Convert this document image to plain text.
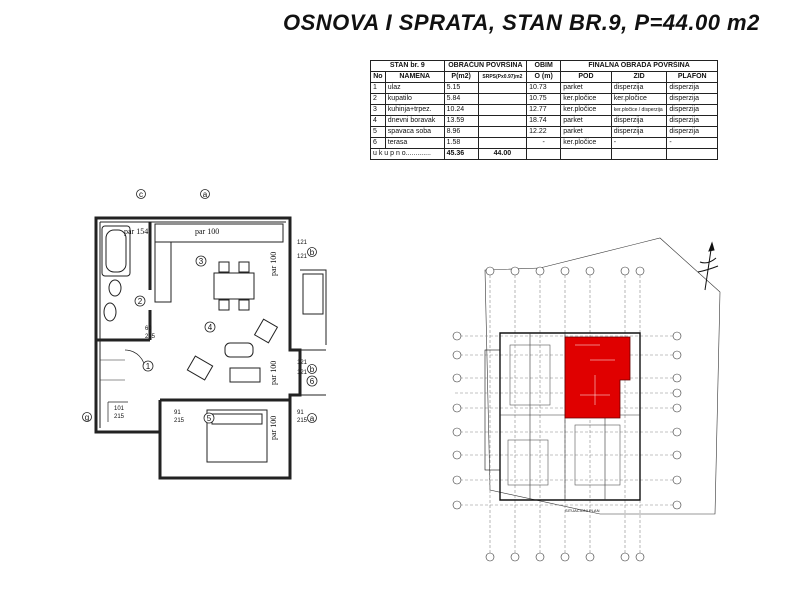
OSNOVA I SPRATA, STAN BR.9, P=44.00 m2
STAN br. 9		OBRAČUN POVRŠINA		OBIM	FINALNA OBRADA POVRŠINA		
No	NAMENA	P(m2)	SRPS(Px0.97)m2	O (m)	POD	ZID	PLAFON
1	ulaz	5.15		10.73	parket	disperzija	disperzija
2	kupatilo	5.84		10.75	ker.pločice	ker.pločice	disperzija
3	kuhinja+trpez.	10.24		12.77	ker.pločice	ker.pločice / disperzija	disperzija
4	dnevni boravak	13.59		18.74	parket	disperzija	disperzija
5	spavaca soba	8.96		12.22	parket	disperzija	disperzija
6	terasa	1.58		-	ker.pločice	-	-
u k u p n o.............		45.36	44.00				
c	a
b
b
a
g
1
2
3
4
5
6
par 154	par 100
par 100
par 100
par 100
121
121
121
121
91
215
91
215
101
215
60
215
SITUACIONI PLAN
